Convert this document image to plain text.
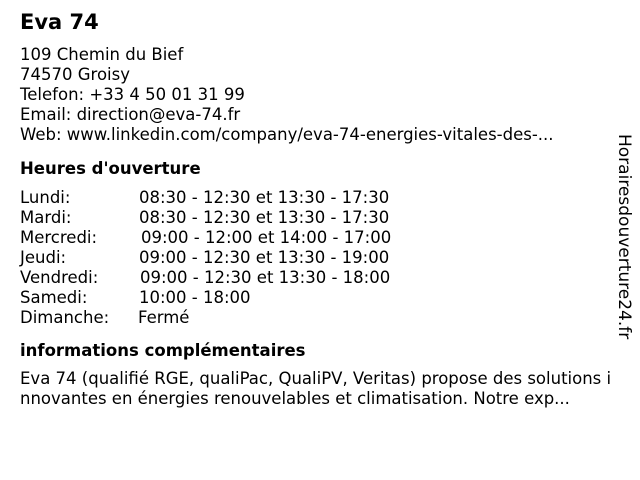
Eva 74
109 Chemin du Bief
74570 Groisy
Telefon: +33 4 50 01 31 99
Email: direction@eva-74.fr
Web: www.linkedin.com/company/eva-74-energies-vitales-des-...
Heures d'ouverture
Lundi:	08:30 - 12:30 et 13:30 - 17:30
Mardi:	08:30 - 12:30 et 13:30 - 17:30
Mercredi:	09:00 - 12:00 et 14:00 - 17:00
Jeudi:	09:00 - 12:30 et 13:30 - 19:00
Vendredi:	09:00 - 12:30 et 13:30 - 18:00
Samedi:	10:00 - 18:00
Dimanche: Fermé
informations complémentaires
Eva 74 (qualifié RGE, qualiPac, QualiPV, Veritas) propose des solutions innovantes en énergies renouvelables et climatisation. Notre exp...
Horairesdouverture24.fr
